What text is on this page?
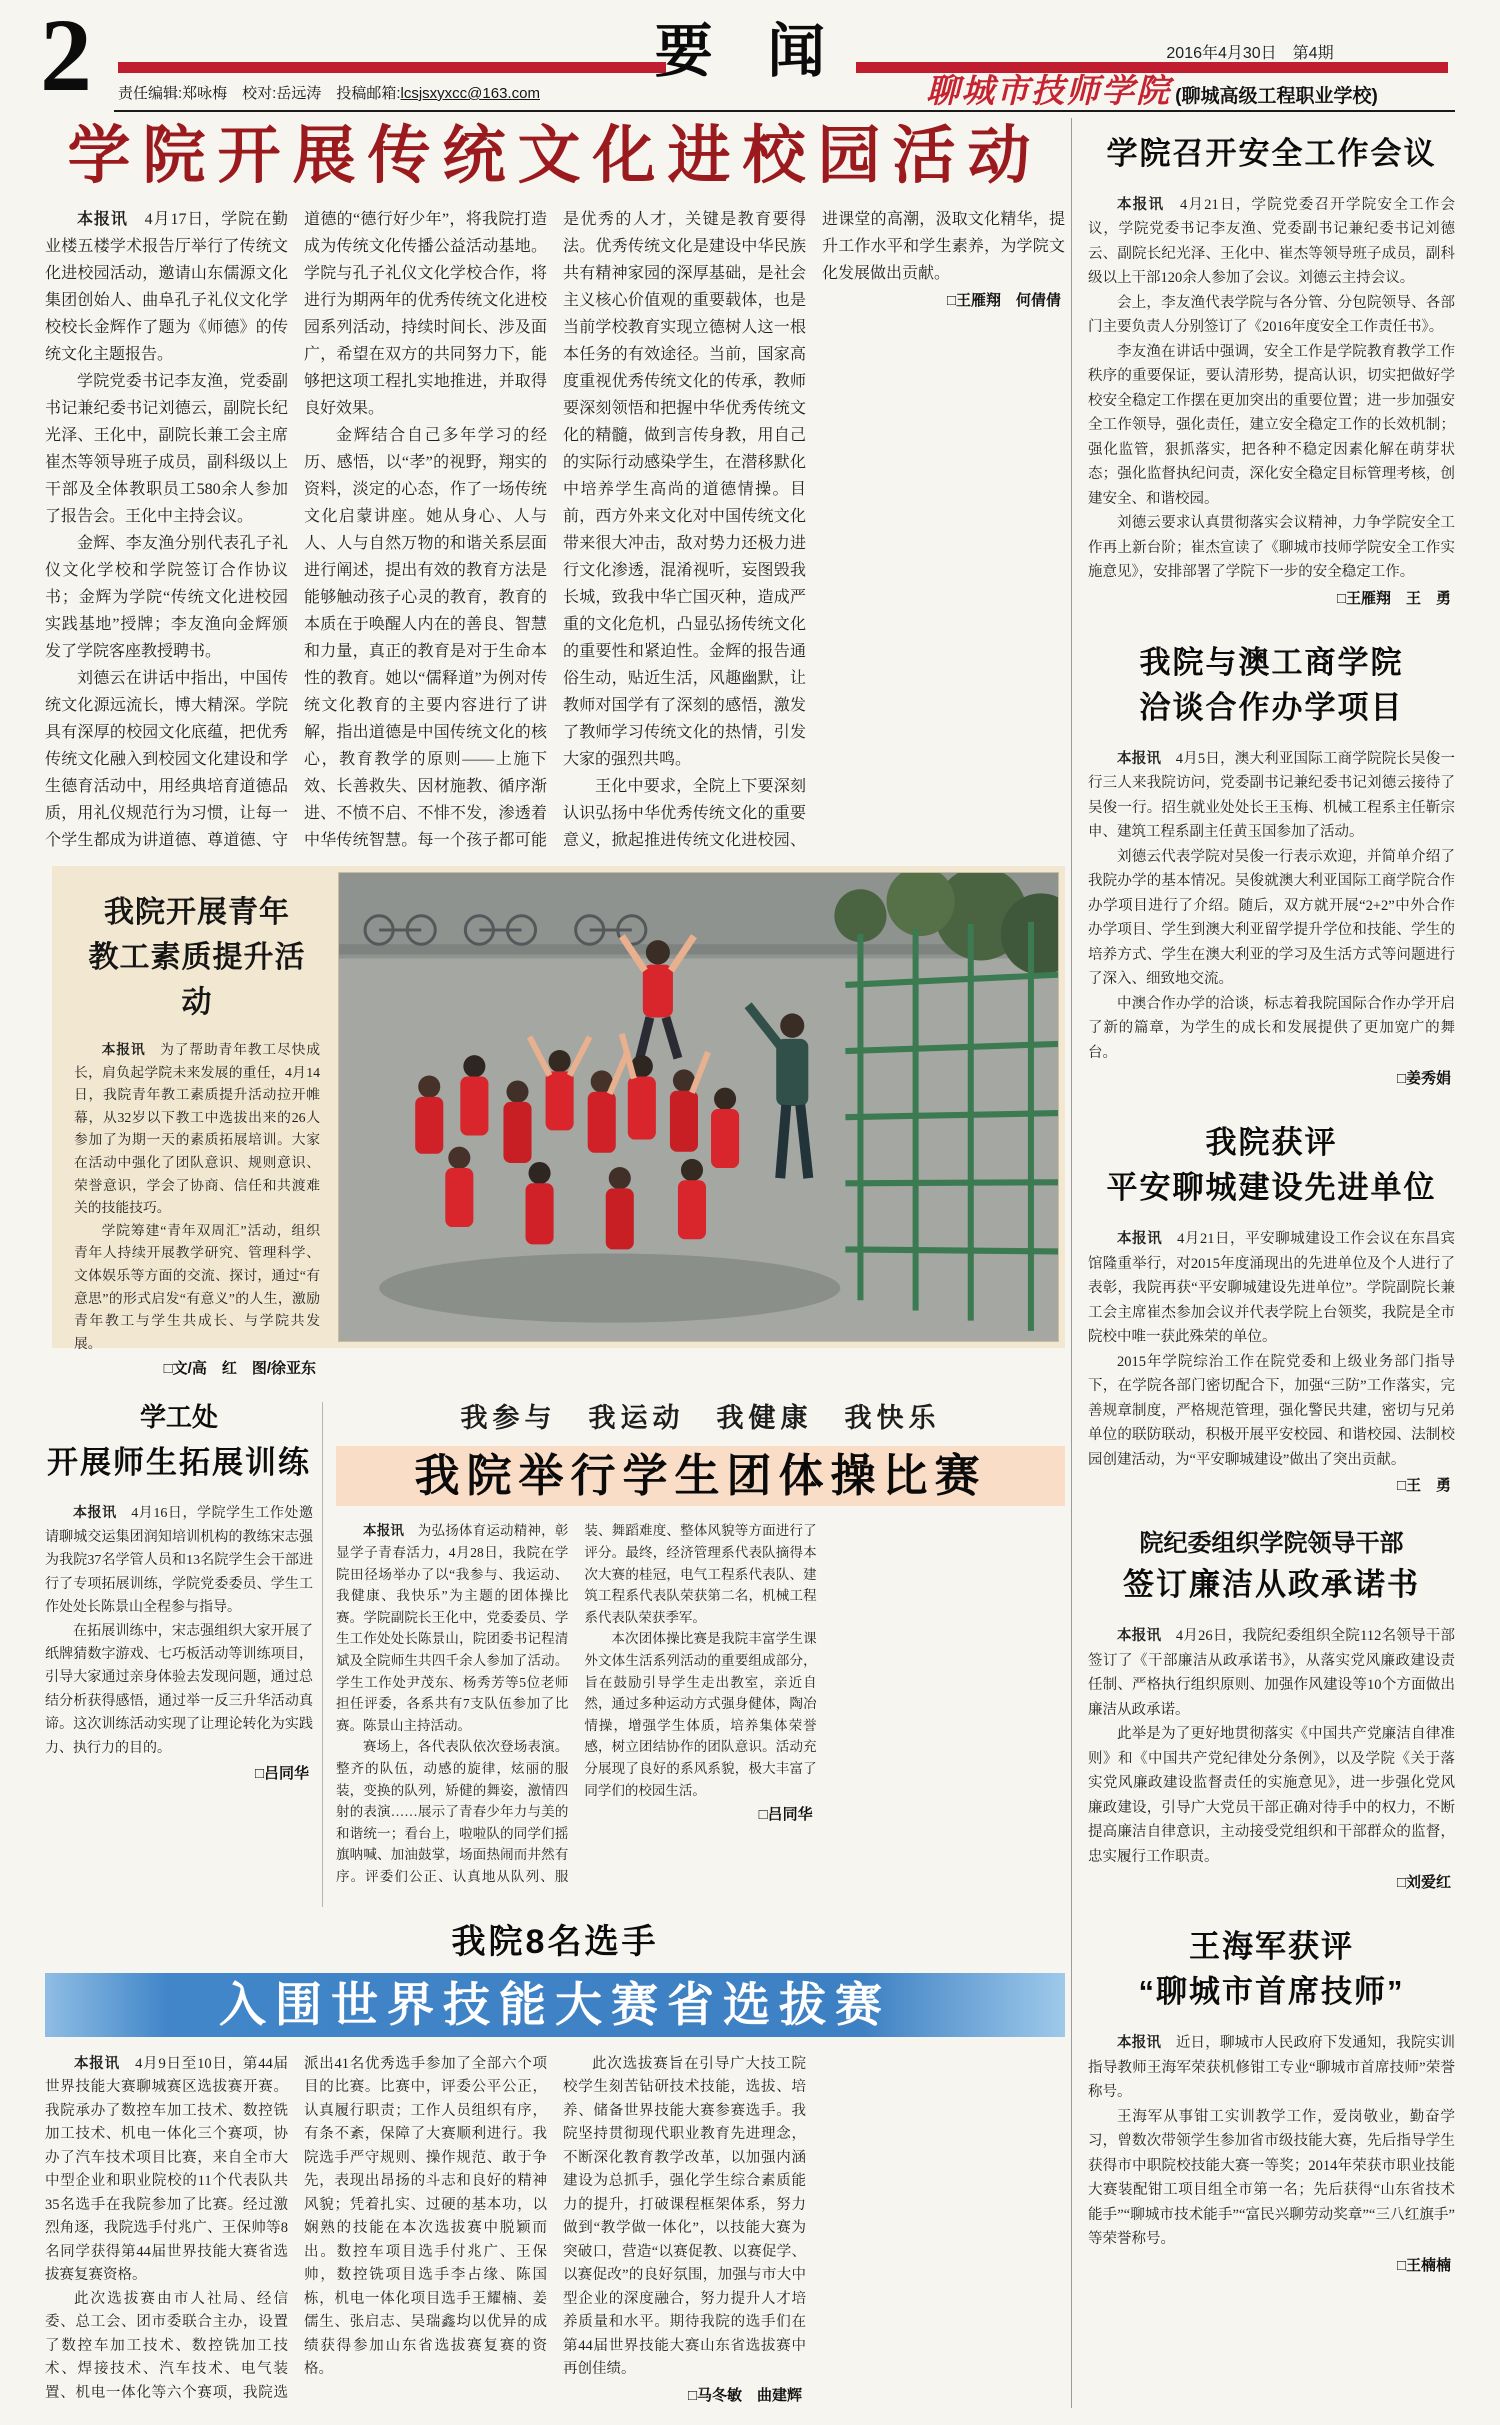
2 责任编辑:郑咏梅　校对:岳远涛　投稿邮箱:lcsjsxyxcc@163.com
要 闻	2016年4月30日　第4期
聊城市技师学院 (聊城高级工程职业学校)
学院开展传统文化进校园活动

本报讯　4月17日，学院在勤业楼五楼学术报告厅举行了传统文化进校园活动，邀请山东儒源文化集团创始人、曲阜孔子礼仪文化学校校长金辉作了题为《师德》的传统文化主题报告。

学院党委书记李友渔，党委副书记兼纪委书记刘德云，副院长纪光泽、王化中，副院长兼工会主席崔杰等领导班子成员，副科级以上干部及全体教职员工580余人参加了报告会。王化中主持会议。

金辉、李友渔分别代表孔子礼仪文化学校和学院签订合作协议书；金辉为学院“传统文化进校园实践基地”授牌；李友渔向金辉颁发了学院客座教授聘书。

刘德云在讲话中指出，中国传统文化源远流长，博大精深。学院具有深厚的校园文化底蕴，把优秀传统文化融入到校园文化建设和学生德育活动中，用经典培育道德品质，用礼仪规范行为习惯，让每一个学生都成为讲道德、尊道德、守道德的“德行好少年”，将我院打造成为传统文化传播公益活动基地。学院与孔子礼仪文化学校合作，将进行为期两年的优秀传统文化进校园系列活动，持续时间长、涉及面广，希望在双方的共同努力下，能够把这项工程扎实地推进，并取得良好效果。

金辉结合自己多年学习的经历、感悟，以“孝”的视野，翔实的资料，淡定的心态，作了一场传统文化启蒙讲座。她从身心、人与人、人与自然万物的和谐关系层面进行阐述，提出有效的教育方法是能够触动孩子心灵的教育，教育的本质在于唤醒人内在的善良、智慧和力量，真正的教育是对于生命本性的教育。她以“儒释道”为例对传统文化教育的主要内容进行了讲解，指出道德是中国传统文化的核心，教育教学的原则——上施下效、长善救失、因材施教、循序渐进、不愤不启、不悱不发，渗透着中华传统智慧。每一个孩子都可能是优秀的人才，关键是教育要得法。优秀传统文化是建设中华民族共有精神家园的深厚基础，是社会主义核心价值观的重要载体，也是当前学校教育实现立德树人这一根本任务的有效途径。当前，国家高度重视优秀传统文化的传承，教师要深刻领悟和把握中华优秀传统文化的精髓，做到言传身教，用自己的实际行动感染学生，在潜移默化中培养学生高尚的道德情操。目前，西方外来文化对中国传统文化带来很大冲击，敌对势力还极力进行文化渗透，混淆视听，妄图毁我长城，致我中华亡国灭种，造成严重的文化危机，凸显弘扬传统文化的重要性和紧迫性。金辉的报告通俗生动，贴近生活，风趣幽默，让教师对国学有了深刻的感悟，激发了教师学习传统文化的热情，引发大家的强烈共鸣。

王化中要求，全院上下要深刻认识弘扬中华优秀传统文化的重要意义，掀起推进传统文化进校园、进课堂的高潮，汲取文化精华，提升工作水平和学生素养，为学院文化发展做出贡献。

□王雁翔　何倩倩

学院召开安全工作会议

本报讯　4月21日，学院党委召开学院安全工作会议，学院党委书记李友渔、党委副书记兼纪委书记刘德云、副院长纪光泽、王化中、崔杰等领导班子成员，副科级以上干部120余人参加了会议。刘德云主持会议。

会上，李友渔代表学院与各分管、分包院领导、各部门主要负责人分别签订了《2016年度安全工作责任书》。

李友渔在讲话中强调，安全工作是学院教育教学工作秩序的重要保证，要认清形势，提高认识，切实把做好学校安全稳定工作摆在更加突出的重要位置；进一步加强安全工作领导，强化责任，建立安全稳定工作的长效机制；强化监管，狠抓落实，把各种不稳定因素化解在萌芽状态；强化监督执纪问责，深化安全稳定目标管理考核，创建安全、和谐校园。

刘德云要求认真贯彻落实会议精神，力争学院安全工作再上新台阶；崔杰宣读了《聊城市技师学院安全工作实施意见》，安排部署了学院下一步的安全稳定工作。

□王雁翔　王　勇

我院与澳工商学院
洽谈合作办学项目

本报讯　4月5日，澳大利亚国际工商学院院长吴俊一行三人来我院访问，党委副书记兼纪委书记刘德云接待了吴俊一行。招生就业处处长王玉梅、机械工程系主任靳宗申、建筑工程系副主任黄玉国参加了活动。

刘德云代表学院对吴俊一行表示欢迎，并简单介绍了我院办学的基本情况。吴俊就澳大利亚国际工商学院合作办学项目进行了介绍。随后，双方就开展“2+2”中外合作办学项目、学生到澳大利亚留学提升学位和技能、学生的培养方式、学生在澳大利亚的学习及生活方式等问题进行了深入、细致地交流。

中澳合作办学的洽谈，标志着我院国际合作办学开启了新的篇章，为学生的成长和发展提供了更加宽广的舞台。

□姜秀娟

我院获评
平安聊城建设先进单位

本报讯　4月21日，平安聊城建设工作会议在东昌宾馆隆重举行，对2015年度涌现出的先进单位及个人进行了表彰，我院再获“平安聊城建设先进单位”。学院副院长兼工会主席崔杰参加会议并代表学院上台领奖，我院是全市院校中唯一获此殊荣的单位。

2015年学院综治工作在院党委和上级业务部门指导下，在学院各部门密切配合下，加强“三防”工作落实，完善规章制度，严格规范管理，强化警民共建，密切与兄弟单位的联防联动，积极开展平安校园、和谐校园、法制校园创建活动，为“平安聊城建设”做出了突出贡献。

□王　勇

院纪委组织学院领导干部
签订廉洁从政承诺书

本报讯　4月26日，我院纪委组织全院112名领导干部签订了《干部廉洁从政承诺书》，从落实党风廉政建设责任制、严格执行组织原则、加强作风建设等10个方面做出廉洁从政承诺。

此举是为了更好地贯彻落实《中国共产党廉洁自律准则》和《中国共产党纪律处分条例》，以及学院《关于落实党风廉政建设监督责任的实施意见》，进一步强化党风廉政建设，引导广大党员干部正确对待手中的权力，不断提高廉洁自律意识，主动接受党组织和干部群众的监督，忠实履行工作职责。

□刘爱红

王海军获评
“聊城市首席技师”

本报讯　近日，聊城市人民政府下发通知，我院实训指导教师王海军荣获机修钳工专业“聊城市首席技师”荣誉称号。

王海军从事钳工实训教学工作，爱岗敬业，勤奋学习，曾数次带领学生参加省市级技能大赛，先后指导学生获得市中职院校技能大赛一等奖；2014年荣获市职业技能大赛装配钳工项目组全市第一名；先后获得“山东省技术能手”“聊城市技术能手”“富民兴聊劳动奖章”“三八红旗手”等荣誉称号。

□王楠楠

我院开展青年
教工素质提升活动

本报讯　为了帮助青年教工尽快成长，肩负起学院未来发展的重任，4月14日，我院青年教工素质提升活动拉开帷幕，从32岁以下教工中选拔出来的26人参加了为期一天的素质拓展培训。大家在活动中强化了团队意识、规则意识、荣誉意识，学会了协商、信任和共渡难关的技能技巧。

学院筹建“青年双周汇”活动，组织青年人持续开展教学研究、管理科学、文体娱乐等方面的交流、探讨，通过“有意思”的形式启发“有意义”的人生，激励青年教工与学生共成长、与学院共发展。

□文/高　红　图/徐亚东

学工处
开展师生拓展训练

本报讯　4月16日，学院学生工作处邀请聊城交运集团润知培训机构的教练宋志强为我院37名学管人员和13名院学生会干部进行了专项拓展训练，学院党委委员、学生工作处处长陈景山全程参与指导。

在拓展训练中，宋志强组织大家开展了纸牌猜数字游戏、七巧板活动等训练项目，引导大家通过亲身体验去发现问题，通过总结分析获得感悟，通过举一反三升华活动真谛。这次训练活动实现了让理论转化为实践力、执行力的目的。

□吕同华

我参与　我运动　我健康　我快乐
我院举行学生团体操比赛

本报讯　为弘扬体育运动精神，彰显学子青春活力，4月28日，我院在学院田径场举办了以“我参与、我运动、我健康、我快乐”为主题的团体操比赛。学院副院长王化中，党委委员、学生工作处处长陈景山，院团委书记程清斌及全院师生共四千余人参加了活动。学生工作处尹茂东、杨秀芳等5位老师担任评委，各系共有7支队伍参加了比赛。陈景山主持活动。

赛场上，各代表队依次登场表演。整齐的队伍，动感的旋律，炫丽的服装，变换的队列，矫健的舞姿，激情四射的表演……展示了青春少年力与美的和谐统一；看台上，啦啦队的同学们摇旗呐喊、加油鼓掌，场面热闹而井然有序。评委们公正、认真地从队列、服装、舞蹈难度、整体风貌等方面进行了评分。最终，经济管理系代表队摘得本次大赛的桂冠，电气工程系代表队、建筑工程系代表队荣获第二名，机械工程系代表队荣获季军。

本次团体操比赛是我院丰富学生课外文体生活系列活动的重要组成部分，旨在鼓励引导学生走出教室，亲近自然，通过多种运动方式强身健体，陶冶情操，增强学生体质，培养集体荣誉感，树立团结协作的团队意识。活动充分展现了良好的系风系貌，极大丰富了同学们的校园生活。

□吕同华

我院8名选手
入围世界技能大赛省选拔赛

本报讯　4月9日至10日，第44届世界技能大赛聊城赛区选拔赛开赛。我院承办了数控车加工技术、数控铣加工技术、机电一体化三个赛项，协办了汽车技术项目比赛，来自全市大中型企业和职业院校的11个代表队共35名选手在我院参加了比赛。经过激烈角逐，我院选手付兆广、王保帅等8名同学获得第44届世界技能大赛省选拔赛复赛资格。

此次选拔赛由市人社局、经信委、总工会、团市委联合主办，设置了数控车加工技术、数控铣加工技术、焊接技术、汽车技术、电气装置、机电一体化等六个赛项，我院选派出41名优秀选手参加了全部六个项目的比赛。比赛中，评委公平公正，认真履行职责；工作人员组织有序，有条不紊，保障了大赛顺利进行。我院选手严守规则、操作规范、敢于争先，表现出昂扬的斗志和良好的精神风貌；凭着扎实、过硬的基本功，以娴熟的技能在本次选拔赛中脱颖而出。数控车项目选手付兆广、王保帅，数控铣项目选手李占缘、陈国栋，机电一体化项目选手王耀楠、姜儒生、张启志、吴瑞鑫均以优异的成绩获得参加山东省选拔赛复赛的资格。

此次选拔赛旨在引导广大技工院校学生刻苦钻研技术技能，选拔、培养、储备世界技能大赛参赛选手。我院坚持贯彻现代职业教育先进理念，不断深化教育教学改革，以加强内涵建设为总抓手，强化学生综合素质能力的提升，打破课程框架体系，努力做到“教学做一体化”，以技能大赛为突破口，营造“以赛促教、以赛促学、以赛促改”的良好氛围，加强与市大中型企业的深度融合，努力提升人才培养质量和水平。期待我院的选手们在第44届世界技能大赛山东省选拔赛中再创佳绩。

□马冬敏　曲建辉
